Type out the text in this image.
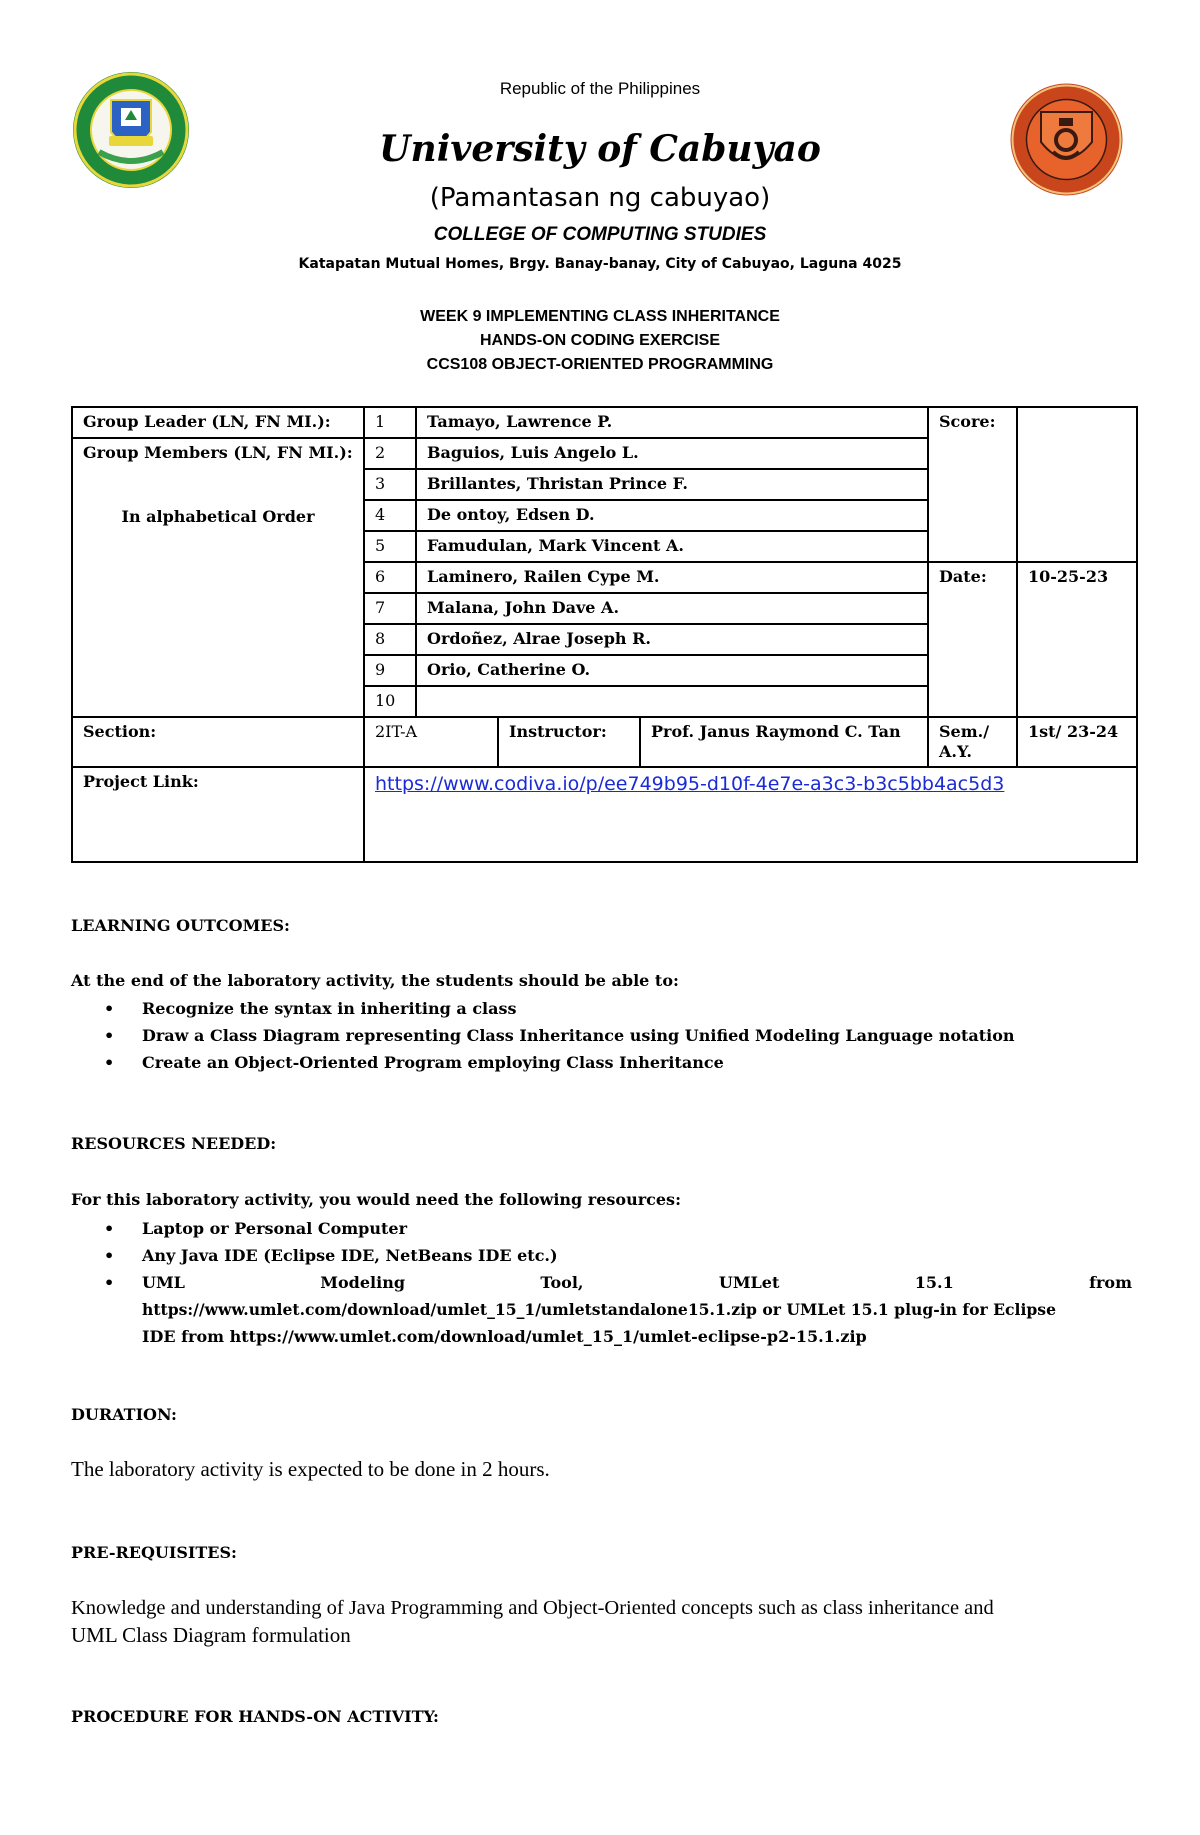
Republic of the Philippines
University of Cabuyao
(Pamantasan ng cabuyao)
COLLEGE OF COMPUTING STUDIES
Katapatan Mutual Homes, Brgy. Banay-banay, City of Cabuyao, Laguna 4025
WEEK 9 IMPLEMENTING CLASS INHERITANCE
HANDS-ON CODING EXERCISE
CCS108 OBJECT-ORIENTED PROGRAMMING
Group Leader (LN, FN MI.):	1	Tamayo, Lawrence P.			Score:	

Group Members (LN, FN MI.):
In alphabetical Order	2	Baguios, Luis Angelo L.				
	3	Brillantes, Thristan Prince F.				
	4	De ontoy, Edsen D.				
	5	Famudulan, Mark Vincent A.				
	6	Laminero, Railen Cype M.			Date:	10-25-23
	7	Malana, John Dave A.				
	8	Ordoñez, Alrae Joseph R.				
	9	Orio, Catherine O.				
	10					
Section:	2IT-A		Instructor:	Prof. Janus Raymond C. Tan	Sem./ A.Y.	1st/ 23-24
Project Link:	https://www.codiva.io/p/ee749b95-d10f-4e7e-a3c3-b3c5bb4ac5d3					
LEARNING OUTCOMES:
At the end of the laboratory activity, the students should be able to:
• Recognize the syntax in inheriting a class
• Draw a Class Diagram representing Class Inheritance using Unified Modeling Language notation
• Create an Object-Oriented Program employing Class Inheritance
RESOURCES NEEDED:
For this laboratory activity, you would need the following resources:
• Laptop or Personal Computer
• Any Java IDE (Eclipse IDE, NetBeans IDE etc.)
• UML Modeling Tool, UMLet 15.1 from
https://www.umlet.com/download/umlet_15_1/umletstandalone15.1.zip or UMLet 15.1 plug-in for Eclipse
IDE from https://www.umlet.com/download/umlet_15_1/umlet-eclipse-p2-15.1.zip
DURATION:
The laboratory activity is expected to be done in 2 hours.
PRE-REQUISITES:
Knowledge and understanding of Java Programming and Object-Oriented concepts such as class inheritance and
UML Class Diagram formulation
PROCEDURE FOR HANDS-ON ACTIVITY:
